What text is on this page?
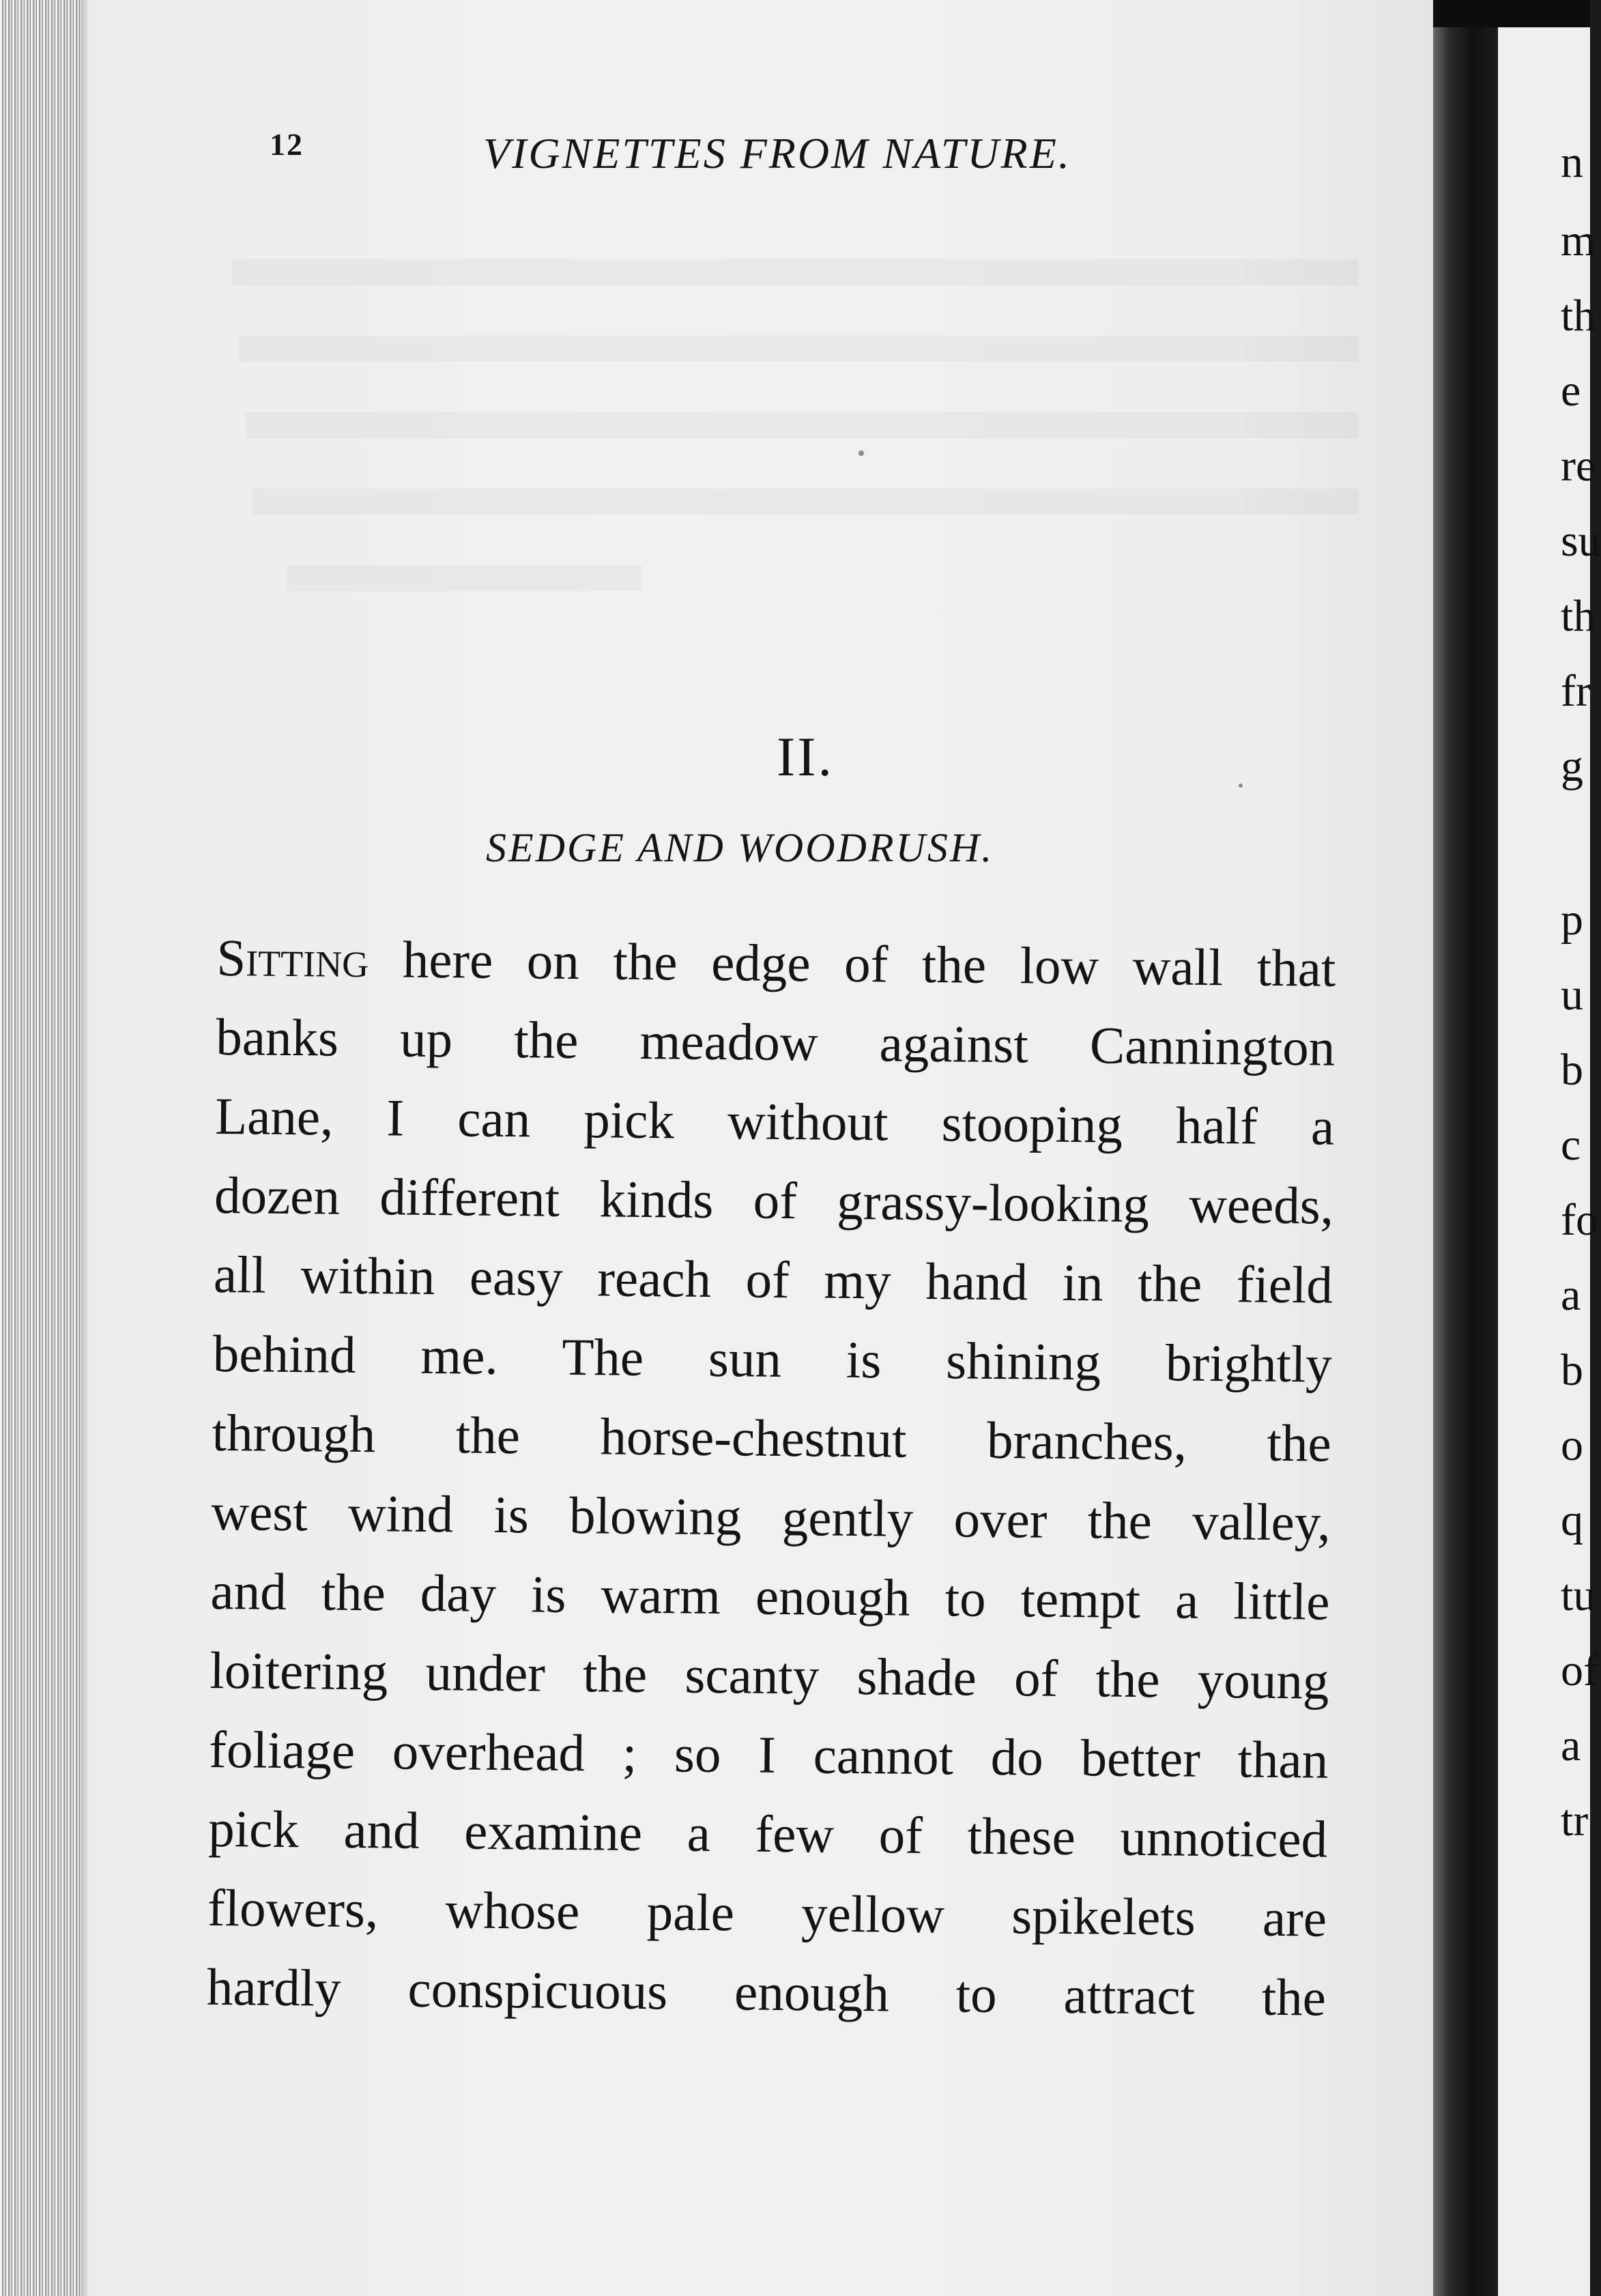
n
m
th
e
re
su
th
fr
g
p
u
b
c
fo
a
b
o
q
tu
of
a
tr
12	VIGNETTES FROM NATURE.
II.
SEDGE AND WOODRUSH.
Sitting here on the edge of the low wall that
banks up the meadow against Cannington
Lane, I can pick without stooping half a
dozen different kinds of grassy-looking weeds,
all within easy reach of my hand in the field
behind me. The sun is shining brightly
through the horse-chestnut branches, the
west wind is blowing gently over the valley,
and the day is warm enough to tempt a little
loitering under the scanty shade of the young
foliage overhead ; so I cannot do better than
pick and examine a few of these unnoticed
flowers, whose pale yellow spikelets are
hardly conspicuous enough to attract the
